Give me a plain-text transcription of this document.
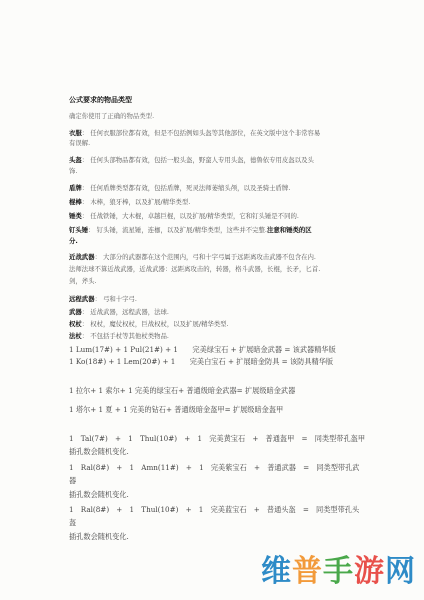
公式要求的物品类型
确定你使用了正确的物品类型.
衣服： 任何衣服部位都有效，但是不包括例如头盔等其他部位，在英文版中这个非常容易
有误解.
头盔： 任何头部物品都有效，包括一般头盔，野蛮人专用头盔，德鲁依专用皮盔以及头
饰.
盾牌： 任何盾牌类型都有效，包括盾牌，死灵法师萎缩头颅，以及圣骑士盾牌.
棍棒： 木棒，狼牙棒，以及扩展/精华类型.
锤类： 任战铁锤，大木棍，卓越巨棍，以及扩展/精华类型，它和钉头锤是不同的.
钉头锤： 钉头锤，流星锤，连枷，以及扩展/精华类型，这些并不完整.注意和锤类的区
分.
近战武器： 大部分的武器都在这个范围内，弓和十字弓属于远距离攻击武器不包含在内.
法师法球不算近战武器，近战武器：远距离攻击的，转器，格斗武器，长棍，长矛，匕首.
剑，斧头.
远程武器： 弓和十字弓.
武器： 近战武器，远程武器，法球.
权杖： 权杖，魔仗权杖，巨战权杖，以及扩展/精华类型.
法杖： 不包括手杖等其他杖类物品.
1 Lum(17#) + 1 Pul(21#) + 1　　完美绿宝石 + 扩展暗金武器 = 该武器精华版
1 Ko(18#) + 1 Lem(20#) + 1　　完美白宝石 + 扩展暗金防具 = 该防具精华版
1 拉尔+ 1 索尔+ 1 完美的绿宝石+ 普通级暗金武器= 扩展级暗金武器
1 塔尔+ 1 夏 + 1 完美的钻石+ 普通级暗金盔甲= 扩展级暗金盔甲
1　Tal(7#)　+　1　Thul(10#)　+　1　完美黄宝石　+　普通盔甲　=　同类型带孔盔甲
插孔数会随机变化.
1　Ral(8#)　+　1　Amn(11#)　+　1　完美紫宝石　+　普通武器　=　同类型带孔武
器
插孔数会随机变化.
1　Ral(8#)　+　1　Thul(10#)　+　1　完美蓝宝石　+　普通头盔　=　同类型带孔头
盔
插孔数会随机变化.
维普手游网
